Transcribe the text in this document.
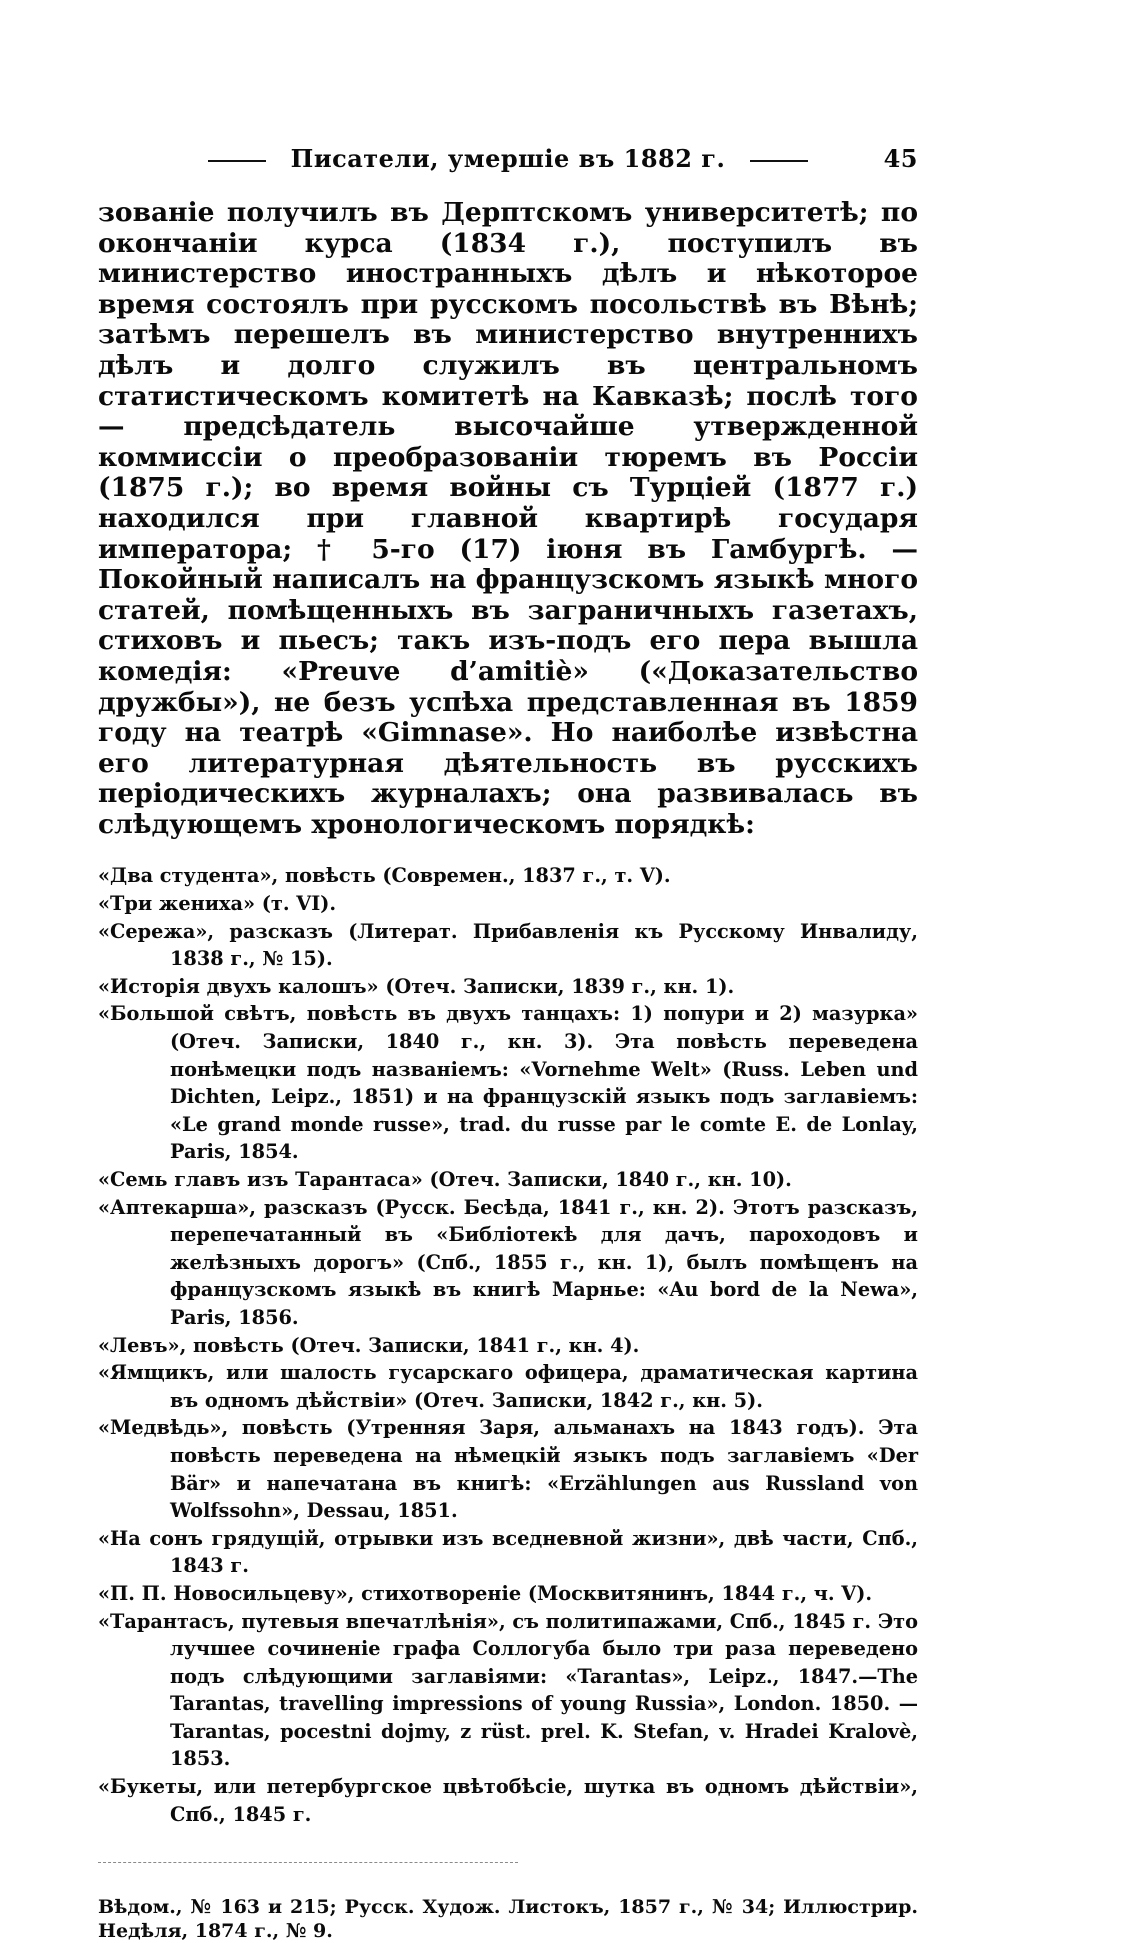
Писатели, умершіе въ 1882 г.	45

зованіе получилъ въ Дерптскомъ университетѣ; по окончаніи курса (1834 г.), поступилъ въ министерство иностранныхъ дѣлъ и нѣкоторое время состоялъ при русскомъ посольствѣ въ Вѣнѣ; затѣмъ перешелъ въ министерство внутреннихъ дѣлъ и долго служилъ въ центральномъ статистическомъ комитетѣ на Кавказѣ; послѣ того — предсѣдатель высочайше утвержденной коммиссіи о преобразованіи тюремъ въ Россіи (1875 г.); во время войны съ Турціей (1877 г.) находился при главной квартирѣ государя императора; † 5-го (17) іюня въ Гамбургѣ. — Покойный написалъ на французскомъ языкѣ много статей, помѣщенныхъ въ заграничныхъ газетахъ, стиховъ и пьесъ; такъ изъ-подъ его пера вышла комедія: «Preuve d’amitiè» («Доказательство дружбы»), не безъ успѣха представленная въ 1859 году на театрѣ «Gimnase». Но наиболѣе извѣстна его литературная дѣятельность въ русскихъ періодическихъ журналахъ; она развивалась въ слѣдующемъ хронологическомъ порядкѣ:

«Два студента», повѣсть (Современ., 1837 г., т. V).
«Три жениха» (т. VI).
«Сережа», разсказъ (Литерат. Прибавленія къ Русскому Инвалиду, 1838 г., № 15).
«Исторія двухъ калошъ» (Отеч. Записки, 1839 г., кн. 1).
«Большой свѣтъ, повѣсть въ двухъ танцахъ: 1) попури и 2) мазурка» (Отеч. Записки, 1840 г., кн. 3). Эта повѣсть переведена понѣмецки подъ названіемъ: «Vornehme Welt» (Russ. Leben und Dichten, Leipz., 1851) и на французскій языкъ подъ заглавіемъ: «Le grand monde russe», trad. du russe par le comte E. de Lonlay, Paris, 1854.
«Семь главъ изъ Тарантаса» (Отеч. Записки, 1840 г., кн. 10).
«Аптекарша», разсказъ (Русск. Бесѣда, 1841 г., кн. 2). Этотъ разсказъ, перепечатанный въ «Библіотекѣ для дачъ, пароходовъ и желѣзныхъ дорогъ» (Спб., 1855 г., кн. 1), былъ помѣщенъ на французскомъ языкѣ въ книгѣ Марнье: «Au bord de la Newa», Paris, 1856.
«Левъ», повѣсть (Отеч. Записки, 1841 г., кн. 4).
«Ямщикъ, или шалость гусарскаго офицера, драматическая картина въ одномъ дѣйствіи» (Отеч. Записки, 1842 г., кн. 5).
«Медвѣдь», повѣсть (Утренняя Заря, альманахъ на 1843 годъ). Эта повѣсть переведена на нѣмецкій языкъ подъ заглавіемъ «Der Bär» и напечатана въ книгѣ: «Erzählungen aus Russland von Wolfssohn», Dessau, 1851.
«На сонъ грядущій, отрывки изъ вседневной жизни», двѣ части, Спб., 1843 г.
«П. П. Новосильцеву», стихотвореніе (Москвитянинъ, 1844 г., ч. V).
«Тарантасъ, путевыя впечатлѣнія», съ политипажами, Спб., 1845 г. Это лучшее сочиненіе графа Соллогуба было три раза переведено подъ слѣдующими заглавіями: «Tarantas», Leipz., 1847.—The Tarantas, travelling impressions of young Russia», London. 1850. — Tarantas, pocestni dojmy, z rüst. prel. K. Stefan, v. Hradei Kralovè, 1853.
«Букеты, или петербургское цвѣтобѣсіе, шутка въ одномъ дѣйствіи», Спб., 1845 г.
Вѣдом., № 163 и 215; Русск. Худож. Листокъ, 1857 г., № 34; Иллюстрир. Недѣля, 1874 г., № 9.
